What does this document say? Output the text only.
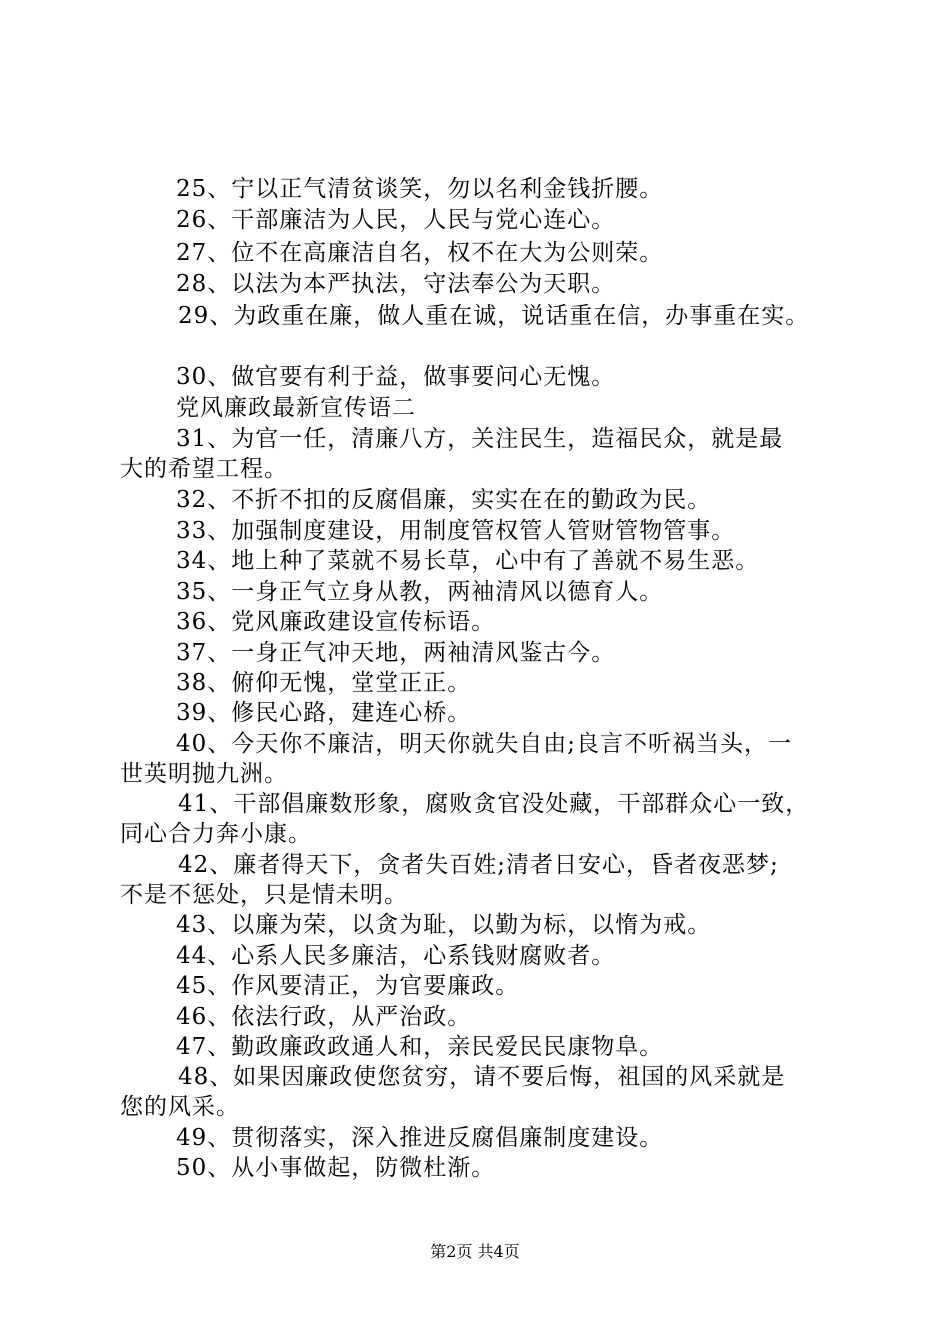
25、宁以正气清贫谈笑，勿以名利金钱折腰。

26、干部廉洁为人民，人民与党心连心。

27、位不在高廉洁自名，权不在大为公则荣。

28、以法为本严执法，守法奉公为天职。

29、为政重在廉，做人重在诚，说话重在信，办事重在实。

30、做官要有利于益，做事要问心无愧。

党风廉政最新宣传语二

31、为官一任，清廉八方，关注民生，造福民众，就是最

大的希望工程。

32、不折不扣的反腐倡廉，实实在在的勤政为民。

33、加强制度建设，用制度管权管人管财管物管事。

34、地上种了菜就不易长草，心中有了善就不易生恶。

35、一身正气立身从教，两袖清风以德育人。

36、党风廉政建设宣传标语。

37、一身正气冲天地，两袖清风鉴古今。

38、俯仰无愧，堂堂正正。

39、修民心路，建连心桥。

40、今天你不廉洁，明天你就失自由;良言不听祸当头，一

世英明抛九洲。

41、干部倡廉数形象，腐败贪官没处藏，干部群众心一致，

同心合力奔小康。

42、廉者得天下，贪者失百姓;清者日安心，昏者夜恶梦;

不是不惩处，只是情未明。

43、以廉为荣，以贪为耻，以勤为标，以惰为戒。

44、心系人民多廉洁，心系钱财腐败者。

45、作风要清正，为官要廉政。

46、依法行政，从严治政。

47、勤政廉政政通人和，亲民爱民民康物阜。

48、如果因廉政使您贫穷，请不要后悔，祖国的风采就是

您的风采。

49、贯彻落实，深入推进反腐倡廉制度建设。

50、从小事做起，防微杜渐。

第2页 共4页
